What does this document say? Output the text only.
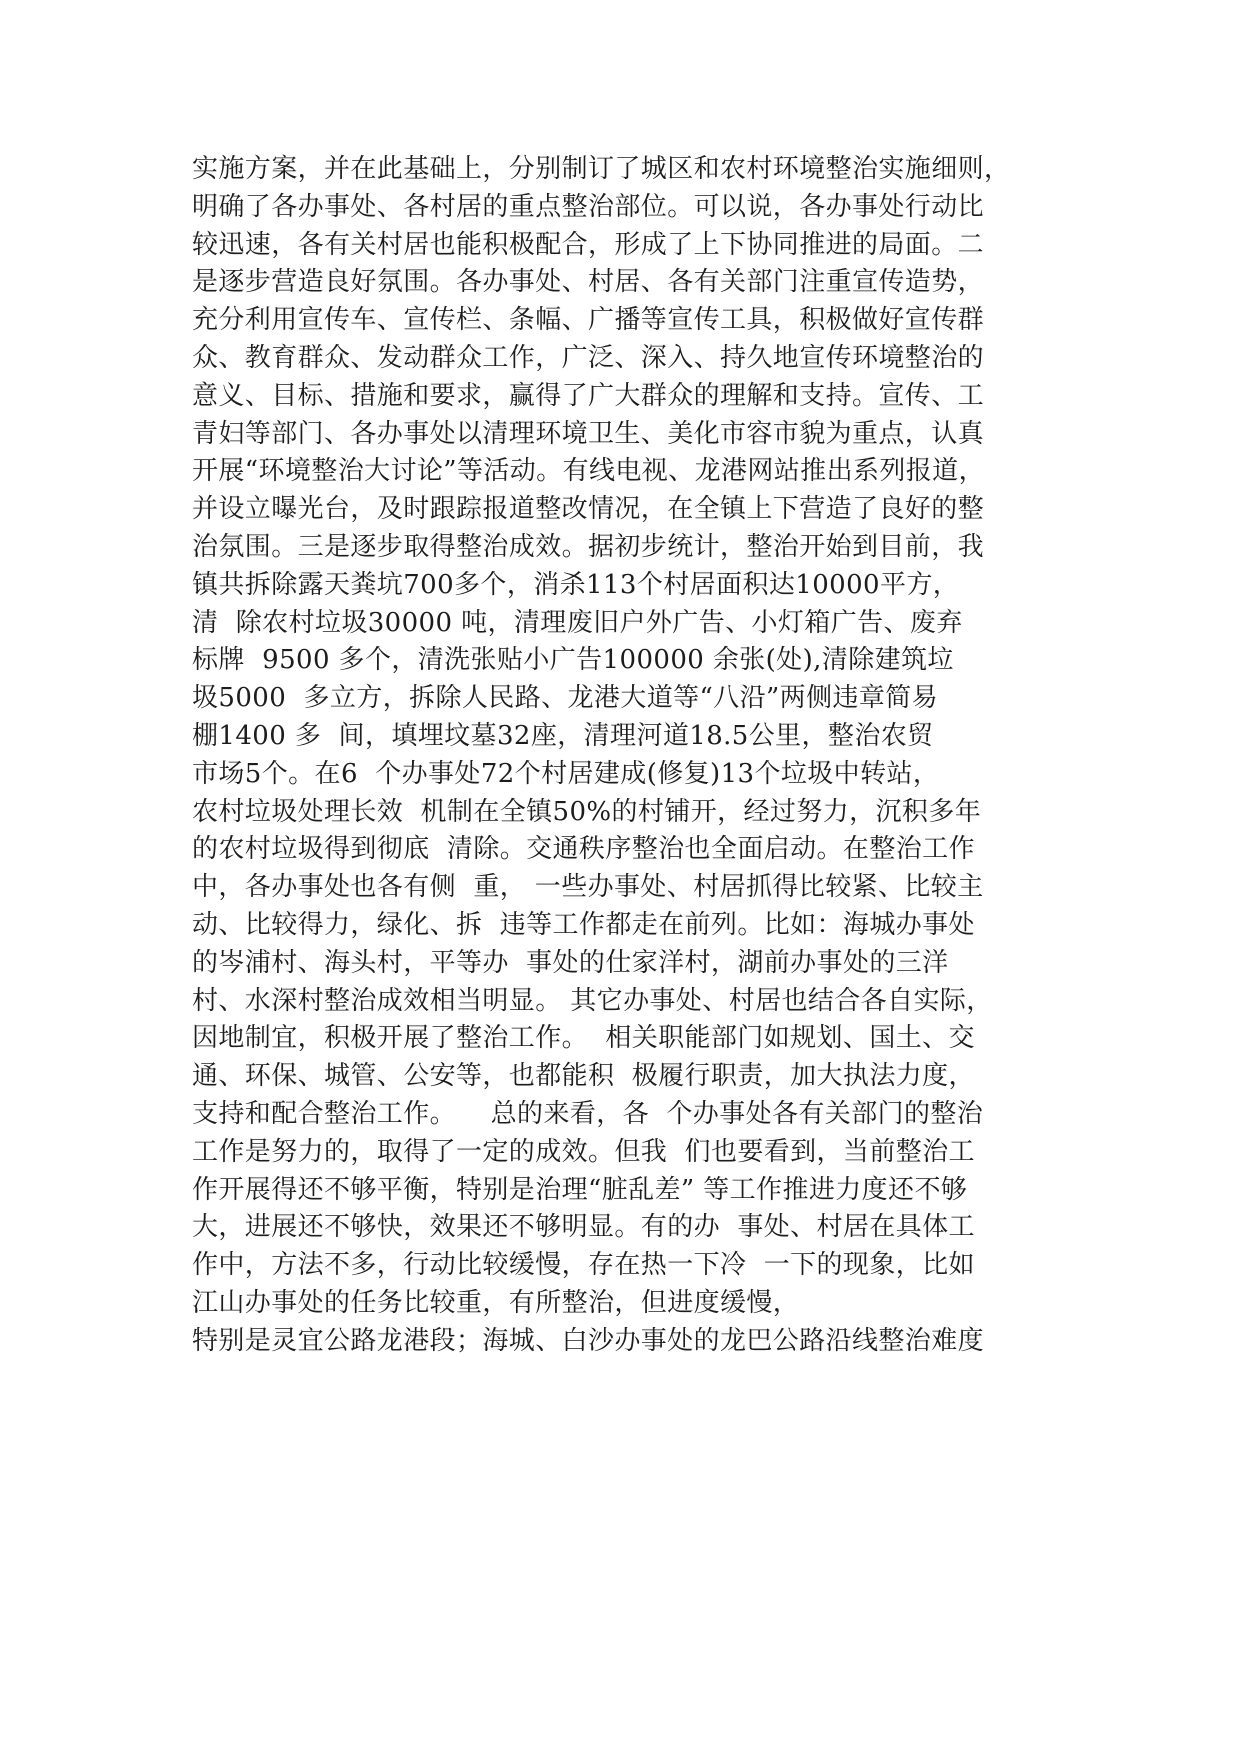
实施方案，并在此基础上，分别制订了城区和农村环境整治实施细则，
明确了各办事处、各村居的重点整治部位。可以说，各办事处行动比
较迅速，各有关村居也能积极配合，形成了上下协同推进的局面。二
是逐步营造良好氛围。各办事处、村居、各有关部门注重宣传造势，
充分利用宣传车、宣传栏、条幅、广播等宣传工具，积极做好宣传群
众、教育群众、发动群众工作，广泛、深入、持久地宣传环境整治的
意义、目标、措施和要求，赢得了广大群众的理解和支持。宣传、工
青妇等部门、各办事处以清理环境卫生、美化市容市貌为重点，认真
开展“环境整治大讨论”等活动。有线电视、龙港网站推出系列报道，
并设立曝光台，及时跟踪报道整改情况，在全镇上下营造了良好的整
治氛围。三是逐步取得整治成效。据初步统计，整治开始到目前，我
镇共拆除露天粪坑700多个，消杀113个村居面积达10000平方，
清  除农村垃圾30000 吨，清理废旧户外广告、小灯箱广告、废弃
标牌  9500 多个，清洗张贴小广告100000 余张(处),清除建筑垃
圾5000  多立方，拆除人民路、龙港大道等“八沿”两侧违章简易
棚1400 多  间，填埋坟墓32座，清理河道18.5公里，整治农贸
市场5个。在6  个办事处72个村居建成(修复)13个垃圾中转站，
农村垃圾处理长效  机制在全镇50%的村铺开，经过努力，沉积多年
的农村垃圾得到彻底  清除。交通秩序整治也全面启动。在整治工作
中，各办事处也各有侧  重， 一些办事处、村居抓得比较紧、比较主
动、比较得力，绿化、拆  违等工作都走在前列。比如：海城办事处
的岑浦村、海头村，平等办  事处的仕家洋村，湖前办事处的三洋
村、水深村整治成效相当明显。 其它办事处、村居也结合各自实际，
因地制宜，积极开展了整治工作。  相关职能部门如规划、国土、交
通、环保、城管、公安等，也都能积  极履行职责，加大执法力度，
支持和配合整治工作。    总的来看，各  个办事处各有关部门的整治
工作是努力的，取得了一定的成效。但我  们也要看到，当前整治工
作开展得还不够平衡，特别是治理“脏乱差” 等工作推进力度还不够
大，进展还不够快，效果还不够明显。有的办  事处、村居在具体工
作中，方法不多，行动比较缓慢，存在热一下冷  一下的现象，比如
江山办事处的任务比较重，有所整治，但进度缓慢，
特别是灵宜公路龙港段；海城、白沙办事处的龙巴公路沿线整治难度
